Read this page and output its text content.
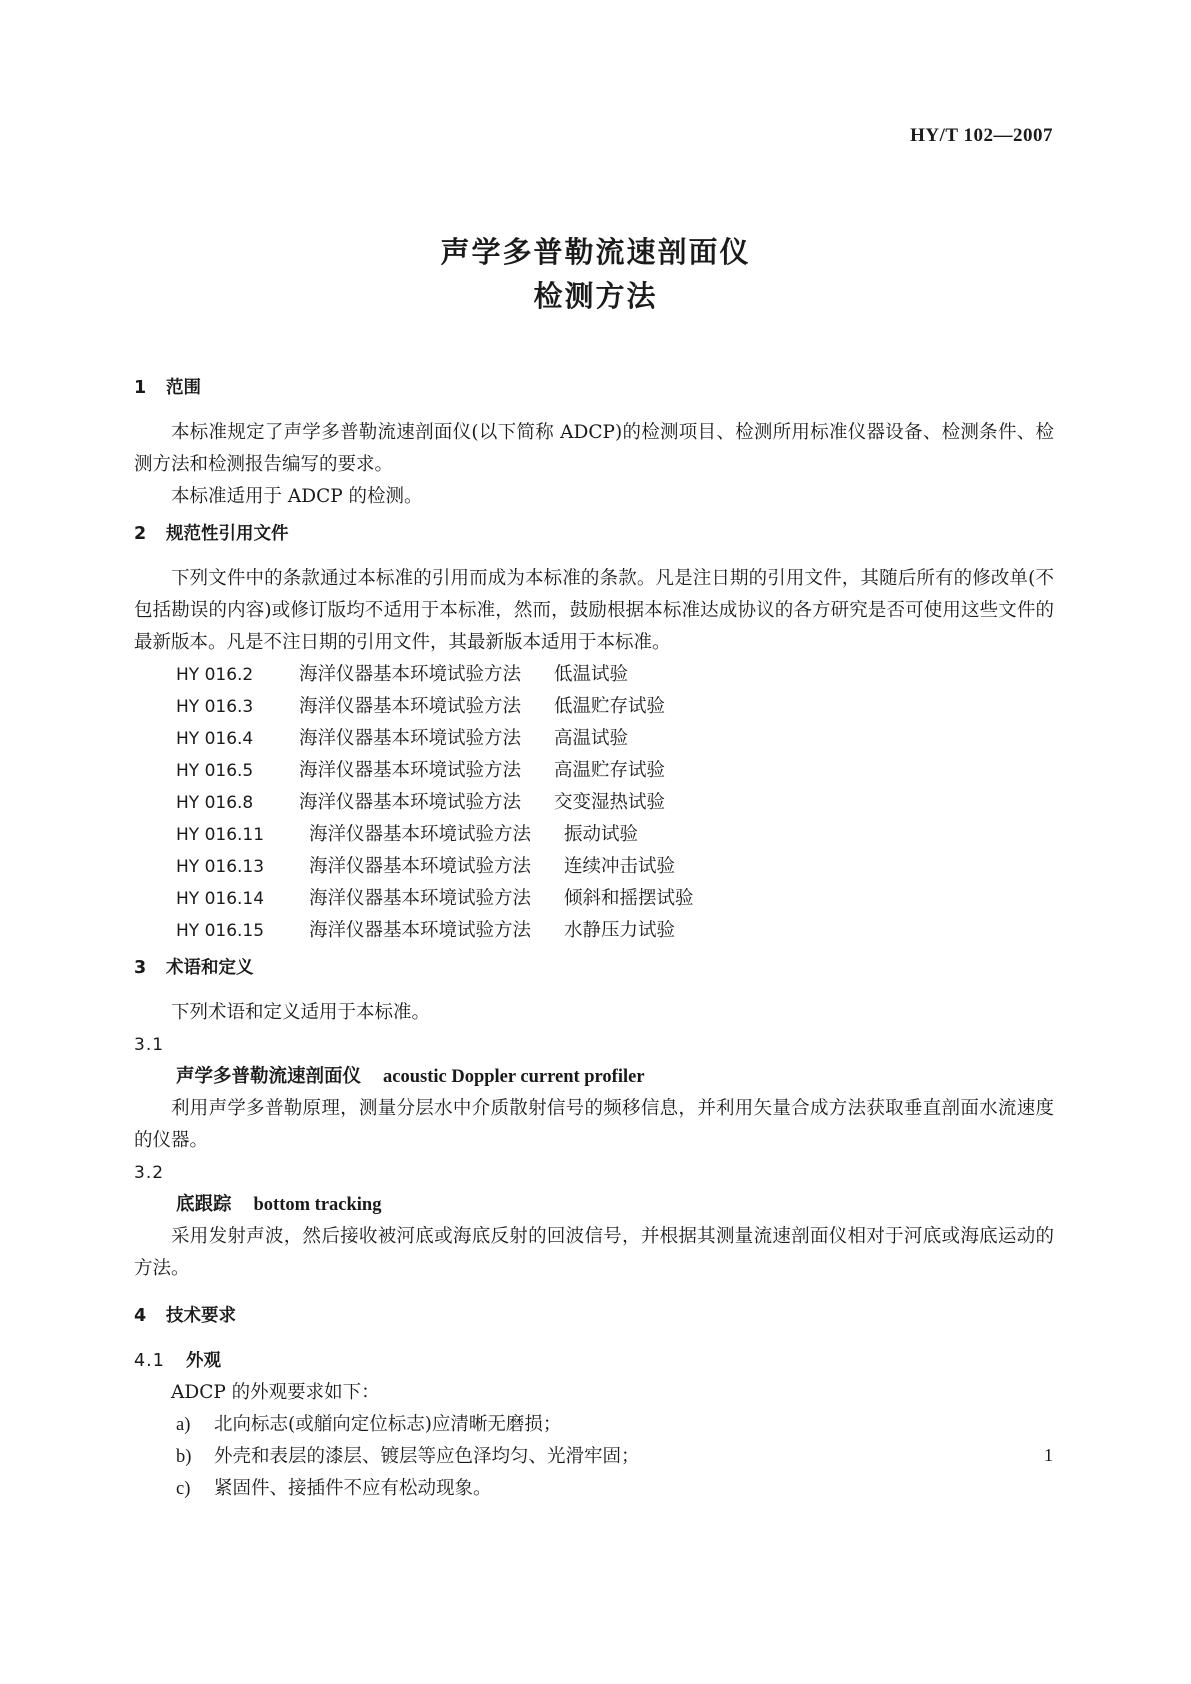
HY/T 102—2007
声学多普勒流速剖面仪
检测方法
1 范围

本标准规定了声学多普勒流速剖面仪(以下简称 ADCP)的检测项目、检测所用标准仪器设备、检测条件、检测方法和检测报告编写的要求。

本标准适用于 ADCP 的检测。

2 规范性引用文件

下列文件中的条款通过本标准的引用而成为本标准的条款。凡是注日期的引用文件，其随后所有的修改单(不包括勘误的内容)或修订版均不适用于本标准，然而，鼓励根据本标准达成协议的各方研究是否可使用这些文件的最新版本。凡是不注日期的引用文件，其最新版本适用于本标准。

HY 016.2 海洋仪器基本环境试验方法 低温试验
HY 016.3 海洋仪器基本环境试验方法 低温贮存试验
HY 016.4 海洋仪器基本环境试验方法 高温试验
HY 016.5 海洋仪器基本环境试验方法 高温贮存试验
HY 016.8 海洋仪器基本环境试验方法 交变湿热试验
HY 016.11 海洋仪器基本环境试验方法 振动试验
HY 016.13 海洋仪器基本环境试验方法 连续冲击试验
HY 016.14 海洋仪器基本环境试验方法 倾斜和摇摆试验
HY 016.15 海洋仪器基本环境试验方法 水静压力试验
3 术语和定义

下列术语和定义适用于本标准。

3.1
声学多普勒流速剖面仪 acoustic Doppler current profiler

利用声学多普勒原理，测量分层水中介质散射信号的频移信息，并利用矢量合成方法获取垂直剖面水流速度的仪器。

3.2
底跟踪 bottom tracking

采用发射声波，然后接收被河底或海底反射的回波信号，并根据其测量流速剖面仪相对于河底或海底运动的方法。

4 技术要求
4.1 外观

ADCP 的外观要求如下：

a) 北向标志(或艏向定位标志)应清晰无磨损；
b) 外壳和表层的漆层、镀层等应色泽均匀、光滑牢固；
c) 紧固件、接插件不应有松动现象。
1
